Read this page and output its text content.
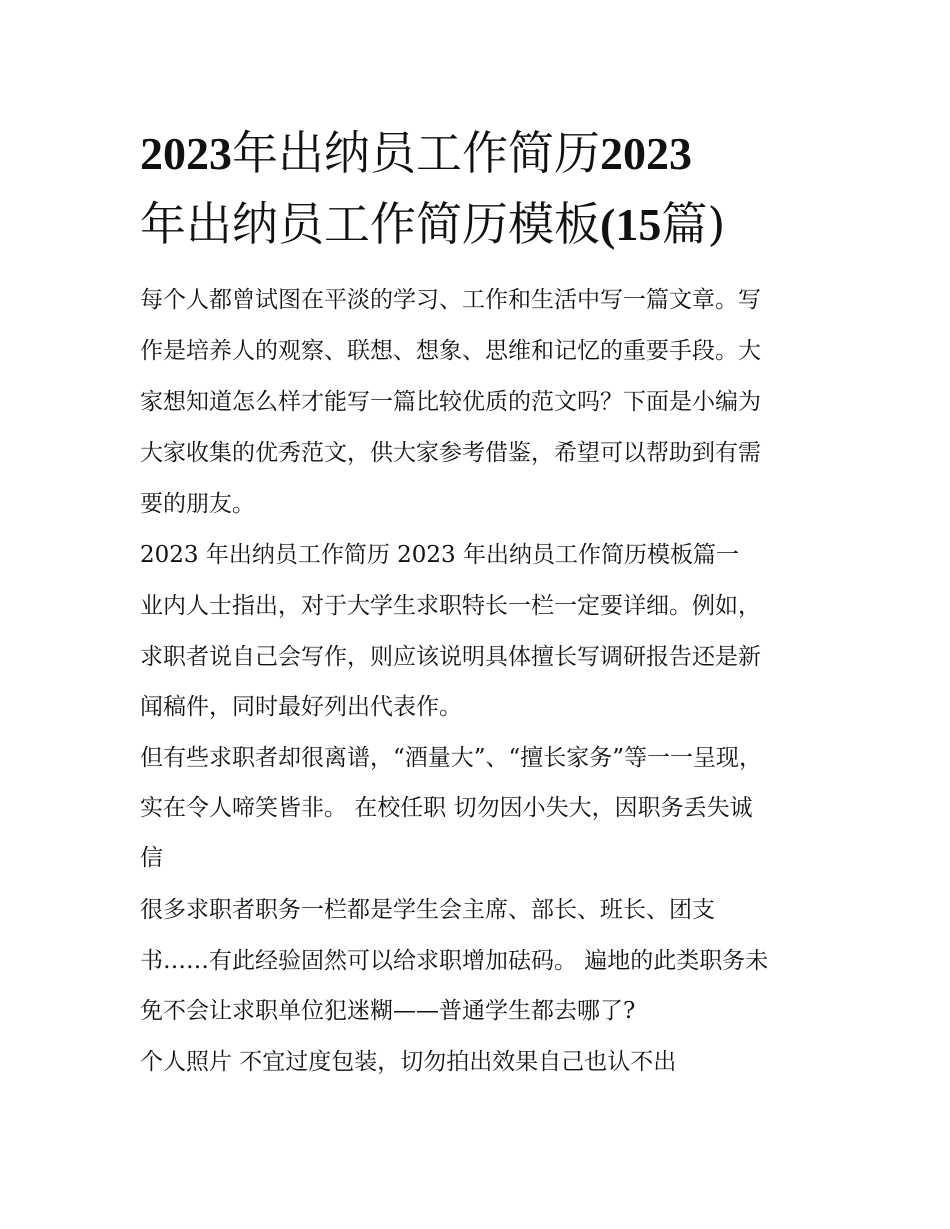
2023年出纳员工作简历2023
年出纳员工作简历模板(15篇)
每个人都曾试图在平淡的学习、工作和生活中写一篇文章。写
作是培养人的观察、联想、想象、思维和记忆的重要手段。大
家想知道怎么样才能写一篇比较优质的范文吗？下面是小编为
大家收集的优秀范文，供大家参考借鉴，希望可以帮助到有需
要的朋友。
2023 年出纳员工作简历 2023 年出纳员工作简历模板篇一
业内人士指出，对于大学生求职特长一栏一定要详细。例如，
求职者说自己会写作，则应该说明具体擅长写调研报告还是新
闻稿件，同时最好列出代表作。
但有些求职者却很离谱，“酒量大”、“擅长家务”等一一呈现，
实在令人啼笑皆非。 在校任职 切勿因小失大，因职务丢失诚
信
很多求职者职务一栏都是学生会主席、部长、班长、团支
书……有此经验固然可以给求职增加砝码。 遍地的此类职务未
免不会让求职单位犯迷糊——普通学生都去哪了?
个人照片 不宜过度包装，切勿拍出效果自己也认不出
